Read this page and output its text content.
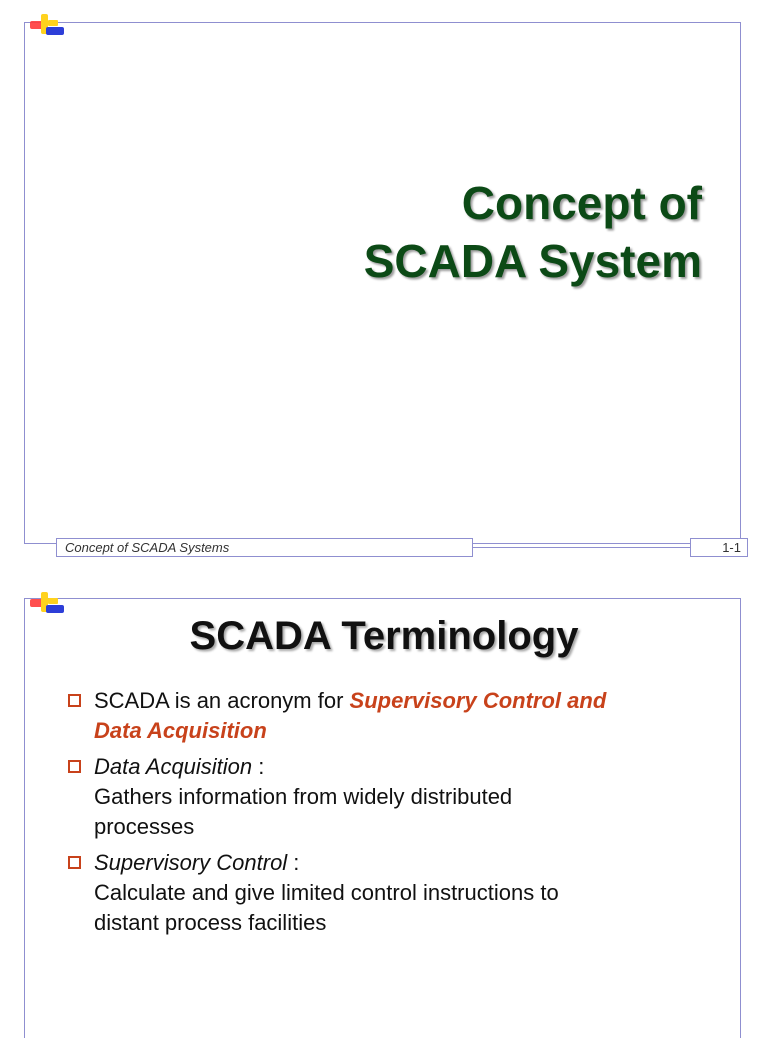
Concept of
SCADA System
Concept of SCADA Systems	1-1
SCADA Terminology
SCADA is an acronym for Supervisory Control and
Data Acquisition
Data Acquisition :
Gathers information from widely distributed
processes
Supervisory Control :
Calculate and give limited control instructions to
distant process facilities
